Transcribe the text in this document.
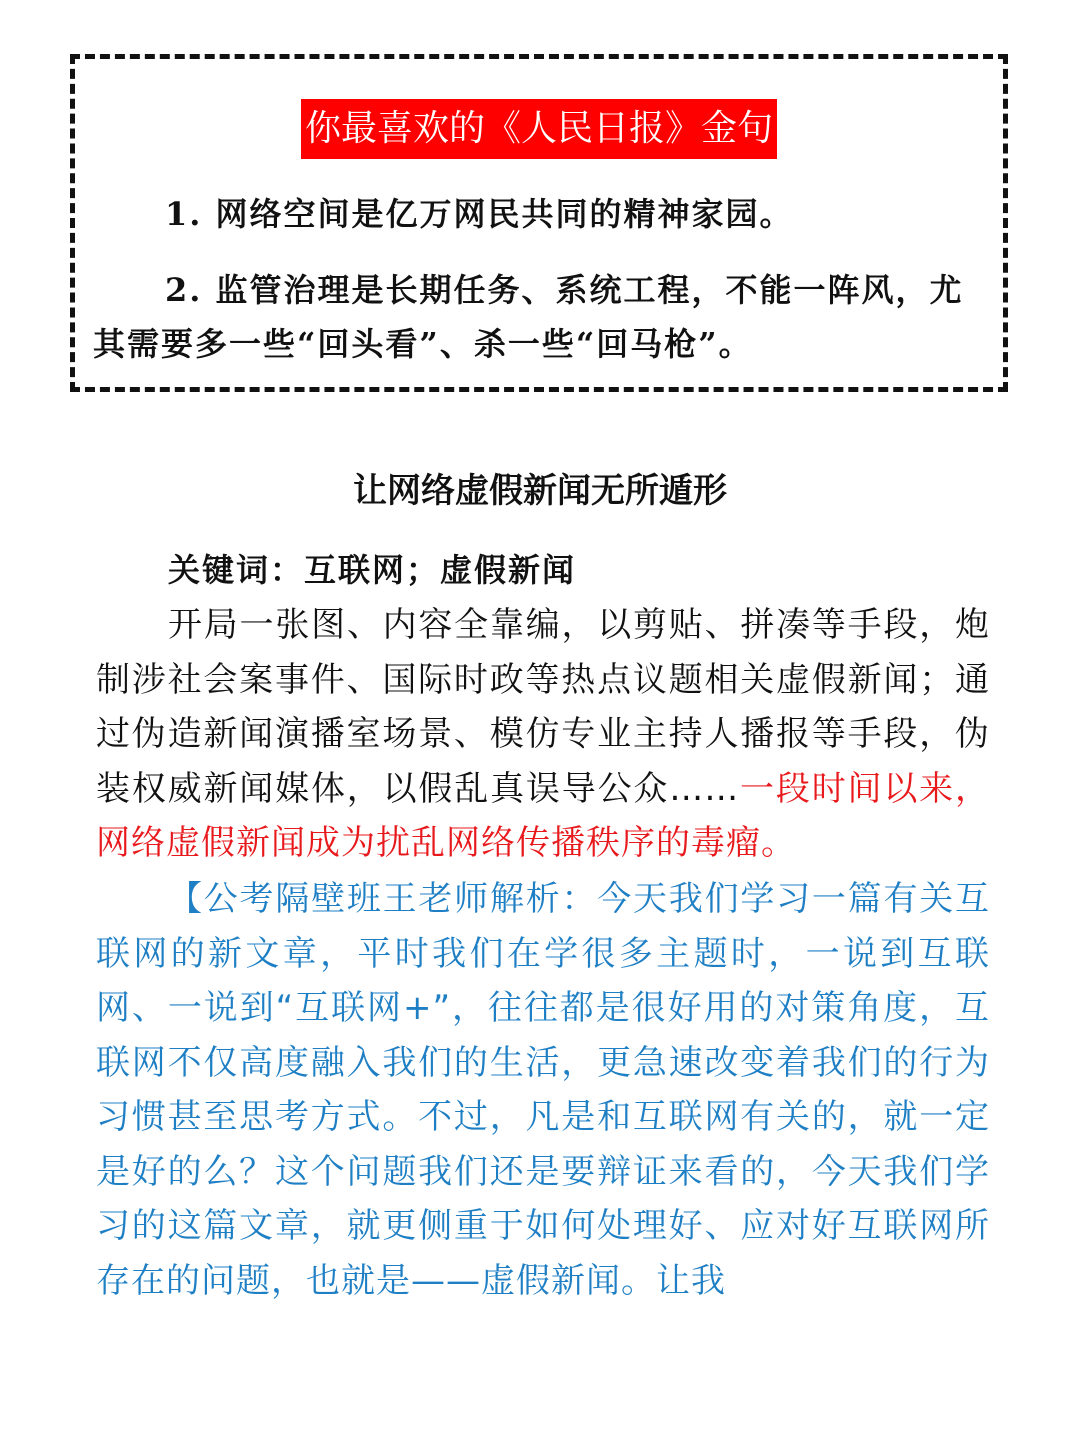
你最喜欢的《人民日报》金句
1. 网络空间是亿万网民共同的精神家园。
2. 监管治理是长期任务、系统工程，不能一阵风，尤其需要多一些“回头看”、杀一些“回马枪”。
让网络虚假新闻无所遁形
关键词：互联网；虚假新闻
开局一张图、内容全靠编，以剪贴、拼凑等手段，炮制涉社会案事件、国际时政等热点议题相关虚假新闻；通过伪造新闻演播室场景、模仿专业主持人播报等手段，伪装权威新闻媒体，以假乱真误导公众……一段时间以来，网络虚假新闻成为扰乱网络传播秩序的毒瘤。
【公考隔壁班王老师解析：今天我们学习一篇有关互联网的新文章，平时我们在学很多主题时，一说到互联网、一说到“互联网+”，往往都是很好用的对策角度，互联网不仅高度融入我们的生活，更急速改变着我们的行为习惯甚至思考方式。不过，凡是和互联网有关的，就一定是好的么？这个问题我们还是要辩证来看的，今天我们学习的这篇文章，就更侧重于如何处理好、应对好互联网所存在的问题，也就是——虚假新闻。让我
